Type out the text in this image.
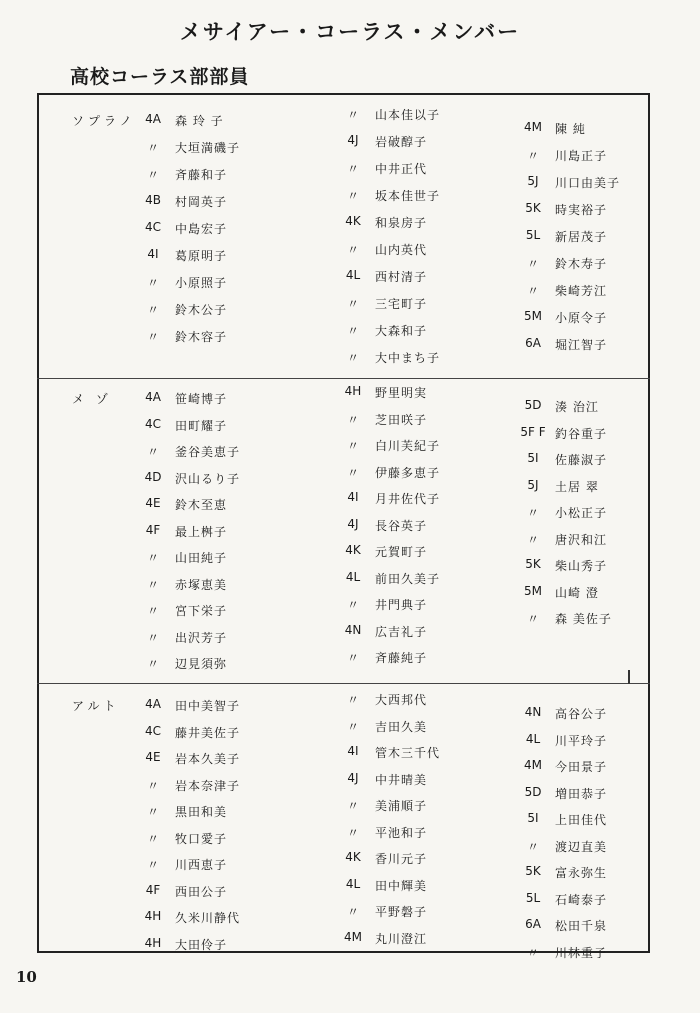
メサイアー・コーラス・メンバー
高校コーラス部部員
10
ソプラノ 4A	森 玲 子
〃	大垣満磯子
〃	斉藤和子
4B	村岡英子
4C	中島宏子
4I	葛原明子
〃	小原照子
〃	鈴木公子
〃	鈴木容子
〃	山本佳以子
4J	岩破醇子
〃	中井正代
〃	坂本佳世子
4K	和泉房子
〃	山内英代
4L	西村清子
〃	三宅町子
〃	大森和子
〃	大中まち子
4M	陳 純
〃	川島正子
5J	川口由美子
5K	時実裕子
5L	新居茂子
〃	鈴木寿子
〃	柴崎芳江
5M	小原令子
6A	堀江智子
メ ゾ	4A	笹崎博子
4C	田町耀子
〃	釜谷美恵子
4D	沢山るり子
4E	鈴木至恵
4F	最上桝子
〃	山田純子
〃	赤塚恵美
〃	宮下栄子
〃	出沢芳子
〃	辺見須弥
4H	野里明実
〃	芝田咲子
〃	白川芙紀子
〃	伊藤多恵子
4I	月井佐代子
4J	長谷英子
4K	元賀町子
4L	前田久美子
〃	井門典子
4N	広吉礼子
〃	斉藤純子
5D	湊 治江
5F F 釣谷重子
5I	佐藤淑子
5J	土居 翠
〃	小松正子
〃	唐沢和江
5K	柴山秀子
5M	山崎 澄
〃	森 美佐子
アルト	4A	田中美智子
4C	藤井美佐子
4E	岩本久美子
〃	岩本奈津子
〃	黒田和美
〃	牧口愛子
〃	川西恵子
4F	西田公子
4H	久米川静代
4H	大田伶子
〃	大西邦代
〃	吉田久美
4I	管木三千代
4J	中井晴美
〃	美浦順子
〃	平池和子
4K	香川元子
4L	田中輝美
〃	平野磐子
4M	丸川澄江
4N	高谷公子
4L	川平玲子
4M	今田景子
5D	増田恭子
5I	上田佳代
〃	渡辺直美
5K	富永弥生
5L	石崎泰子
6A	松田千泉
〃	川林重子
